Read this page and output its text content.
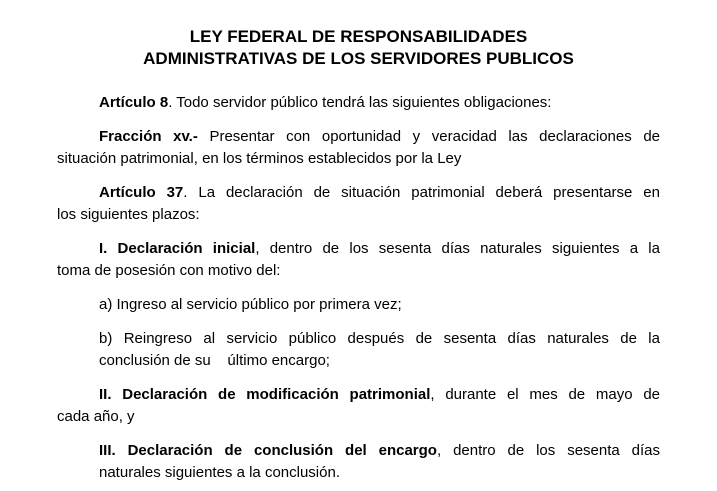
LEY FEDERAL DE RESPONSABILIDADES
ADMINISTRATIVAS DE LOS SERVIDORES PUBLICOS
Artículo 8. Todo servidor público tendrá las siguientes obligaciones:
Fracción xv.- Presentar con oportunidad y veracidad las declaraciones de
situación patrimonial, en los términos establecidos por la Ley
Artículo 37. La declaración de situación patrimonial deberá presentarse en
los siguientes plazos:
I. Declaración inicial, dentro de los sesenta días naturales siguientes a la
toma de posesión con motivo del:
a) Ingreso al servicio público por primera vez;
b) Reingreso al servicio público después de sesenta días naturales de la
conclusión de su    último encargo;
II. Declaración de modificación patrimonial, durante el mes de mayo de
cada año, y
III. Declaración de conclusión del encargo, dentro de los sesenta días
naturales siguientes a la conclusión.
